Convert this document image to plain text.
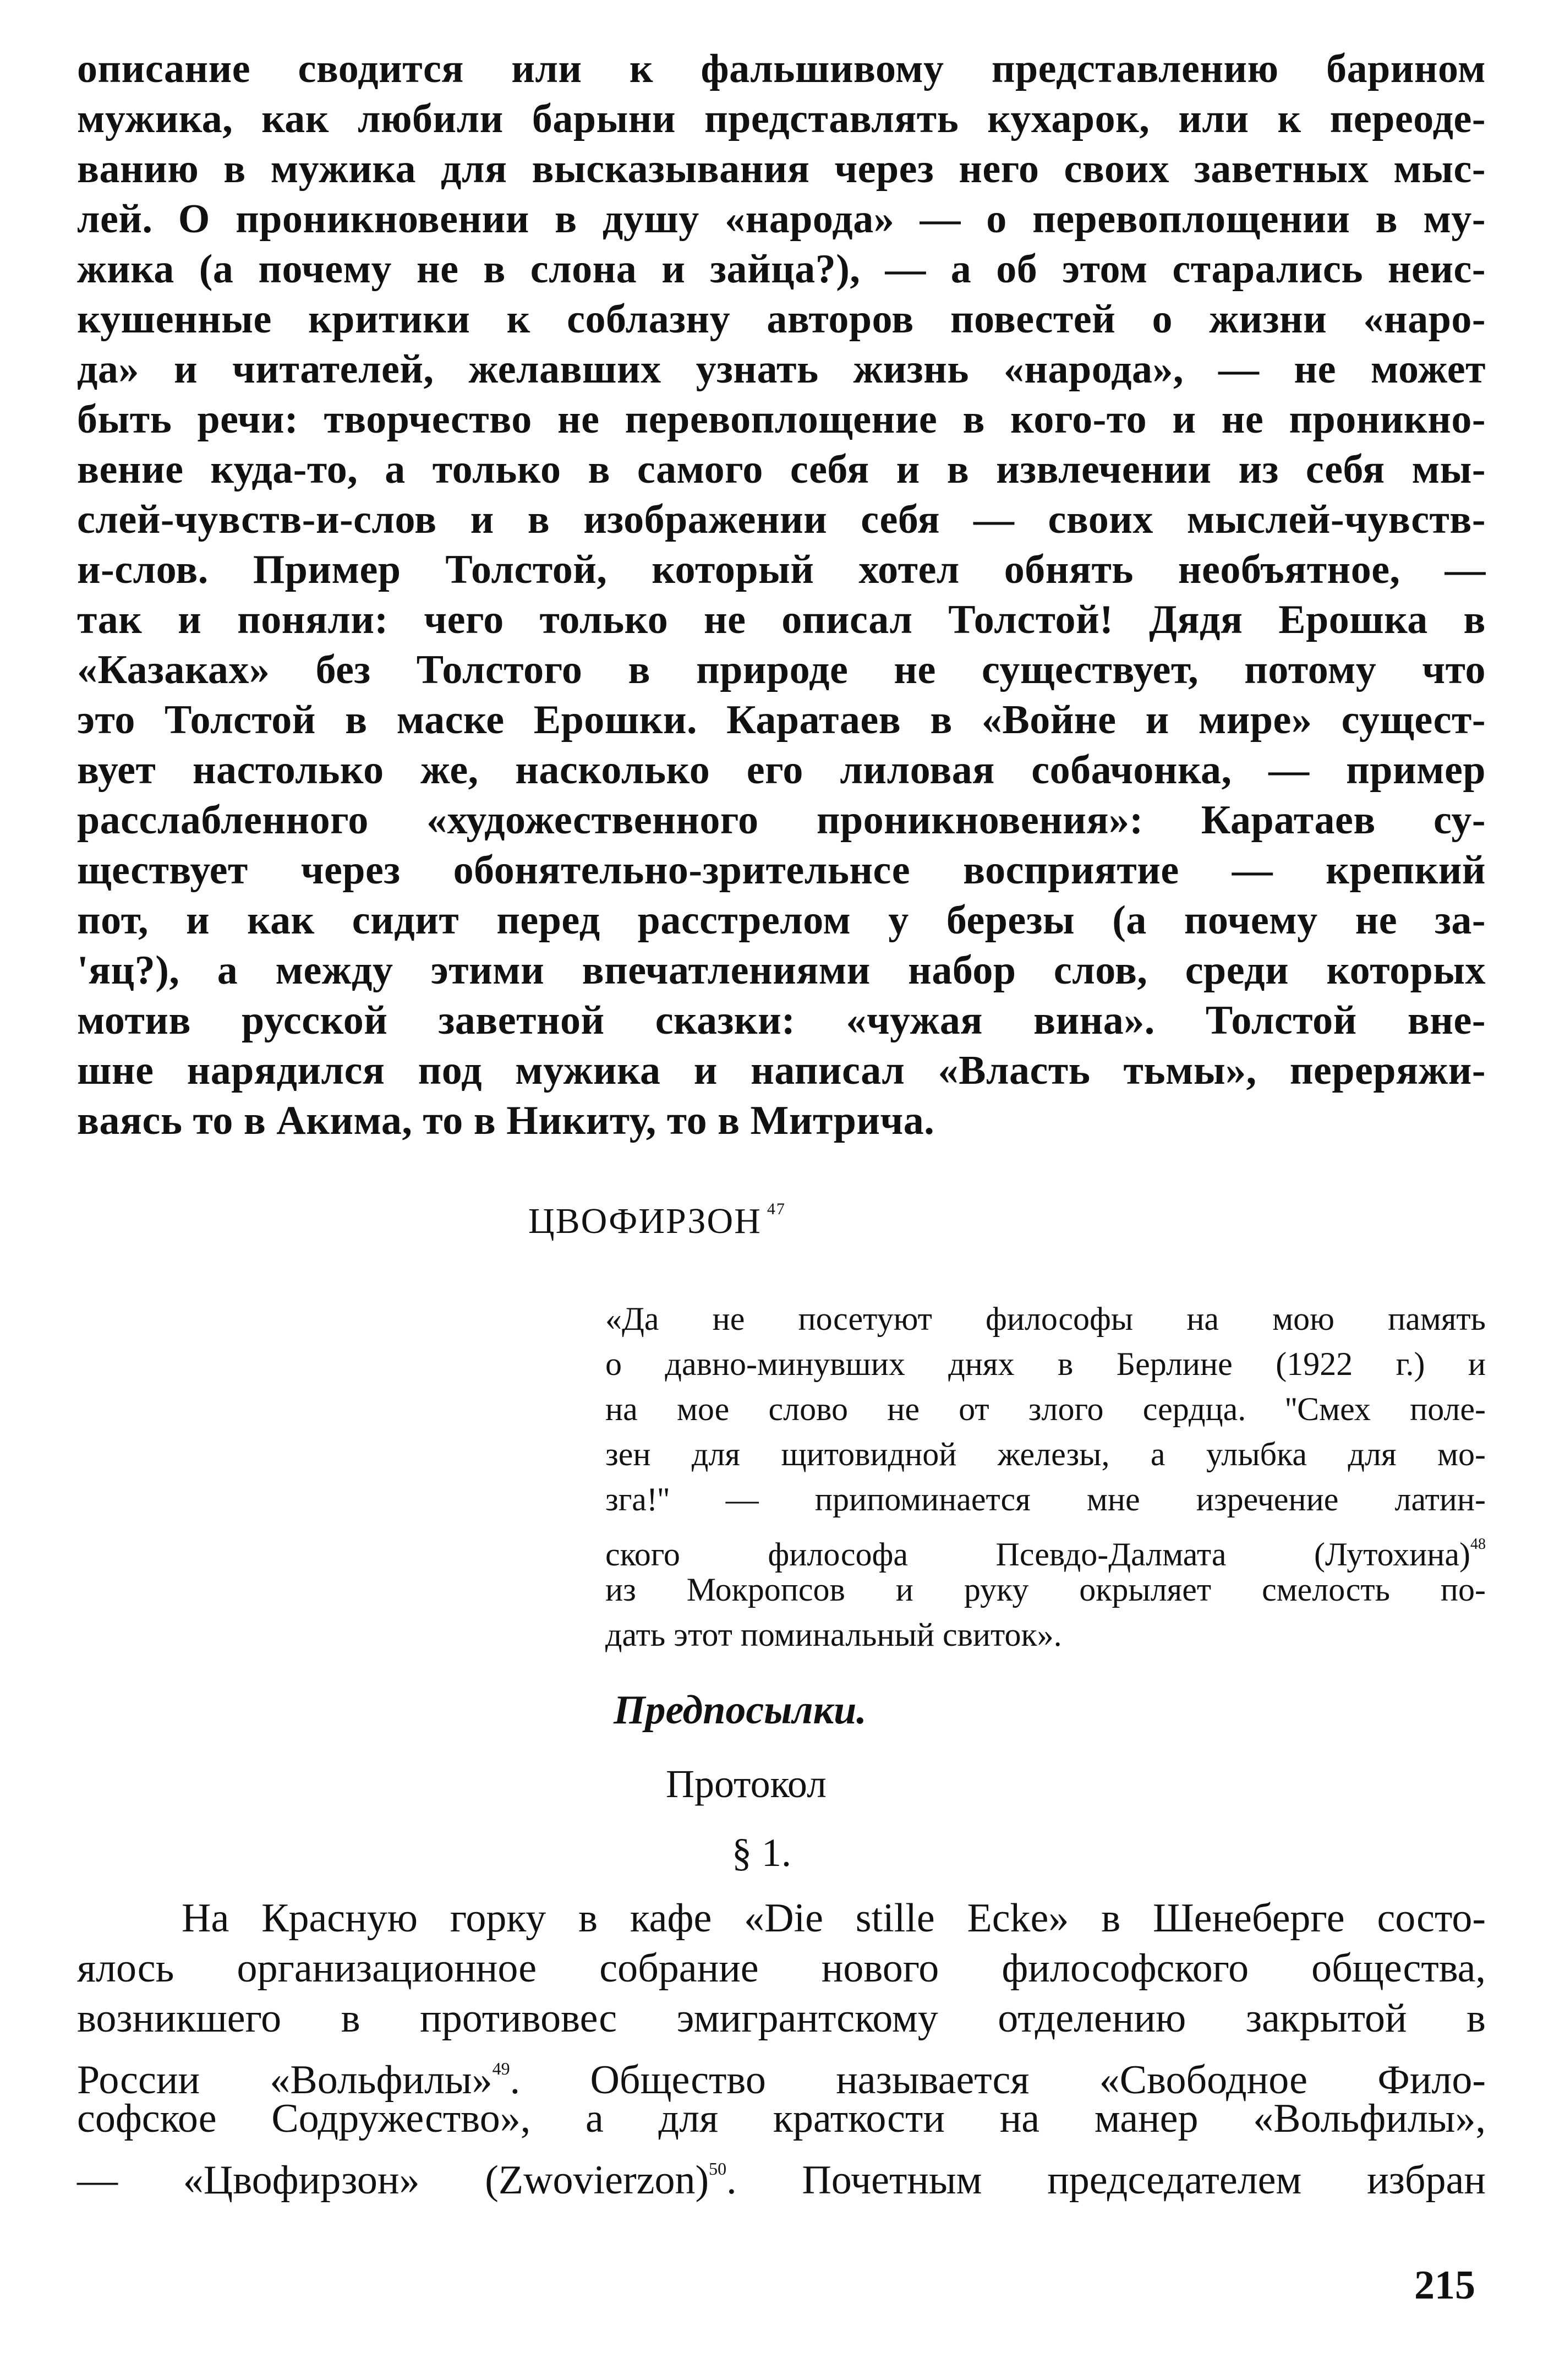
описание сводится или к фальшивому представлению барином
мужика, как любили барыни представлять кухарок, или к переоде-
ванию в мужика для высказывания через него своих заветных мыс-
лей. О проникновении в душу «народа» — о перевоплощении в му-
жика (а почему не в слона и зайца?), — а об этом старались неис-
кушенные критики к соблазну авторов повестей о жизни «наро-
да» и читателей, желавших узнать жизнь «народа», — не может
быть речи: творчество не перевоплощение в кого-то и не проникно-
вение куда-то, а только в самого себя и в извлечении из себя мы-
слей-чувств-и-слов и в изображении себя — своих мыслей-чувств-
и-слов. Пример Толстой, который хотел обнять необъятное, —
так и поняли: чего только не описал Толстой! Дядя Ерошка в
«Казаках» без Толстого в природе не существует, потому что
это Толстой в маске Ерошки. Каратаев в «Войне и мире» сущест-
вует настолько же, насколько его лиловая собачонка, — пример
расслабленного «художественного проникновения»: Каратаев су-
ществует через обонятельно-зрительнсе восприятие — крепкий
пот, и как сидит перед расстрелом у березы (а почему не за-
'яц?), а между этими впечатлениями набор слов, среди которых
мотив русской заветной сказки: «чужая вина». Толстой вне-
шне нарядился под мужика и написал «Власть тьмы», переряжи-
ваясь то в Акима, то в Никиту, то в Митрича.
ЦВОФИРЗОН $^{47}$
«Да не посетуют философы на мою память
о давно-минувших днях в Берлине (1922 г.) и
на мое слово не от злого сердца. ''Смех поле-
зен для щитовидной железы, а улыбка для мо-
зга!'' — припоминается мне изречение латин-
ского философа Псевдо-Далмата (Лутохина)$^{48}$
из Мокропсов и руку окрыляет смелость по-
дать этот поминальный свиток».
Предпосылки.
Протокол
§ 1.
На Красную горку в кафе «Die stille Ecke» в Шенеберге состо-
ялось организационное собрание нового философского общества,
возникшего в противовес эмигрантскому отделению закрытой в
России «Вольфилы»$^{49}$. Общество называется «Свободное Фило-
софское Содружество», а для краткости на манер «Вольфилы»,
— «Цвофирзон» (Zwovierzon)$^{50}$. Почетным председателем избран
215
